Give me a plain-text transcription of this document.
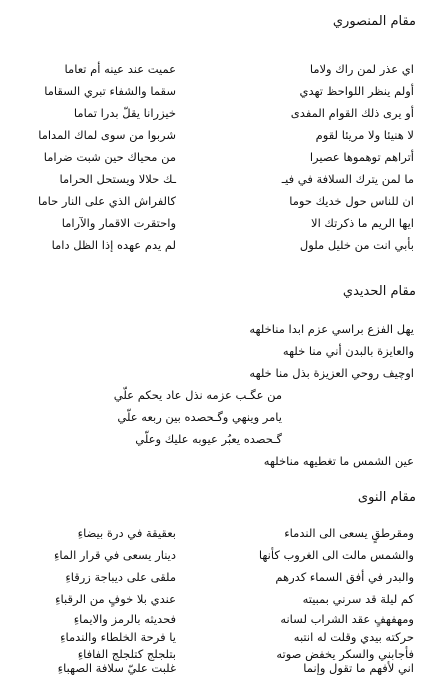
مقام المنصوري
اي عذر لمن راك ولاما
عميت عند عينه أم تعاما
أولم ينظر اللواحظ تهدي
سقما والشفاء تبري السقاما
أو يرى ذلك القوام المفدى
خيزرانا يقلّ بدرا تماما
لا هنيئا ولا مريئا لقوم
شربوا من سوى لماك المداما
أتراهم توهموها عصيرا
من محياك حين شبت ضراما
ما لمن يترك السلافة في فيـ
ـك حلالا ويستحل الحراما
ان للناس حول خديك حوما
كالفراش الذي على النار حاما
ايها الريم ما ذكرتك الا
واحتقرت الاقمار والآراما
بأبي انت من خليل ملول
لم يدم عهده إذا الظل داما
مقام الحديدي
يهل الفزع براسي عزم ابدا مناخلهه
والعايزة بالبدن أني منا خلهه
اوچيف روحي العزيزة بذل منا خلهه
من عگـب عزمه نذل عاد يحكم علّي
يامر وينهي وگـحصده بين ربعه علّي
گـحصده يعبُر عيوبه عليك وعلّي
عين الشمس ما تغطيهه مناخلهه
مقام النوى
ومقرطقٍ يسعى الى الندماء
بعقيقة في درة بيضاءِ
والشمس مالت الى الغروب كأنها
دينار يسعى في قرار الماءِ
والبدر في أفق السماء كدرهم
ملقى على ديباجة زرقاءِ
كم ليلة قد سرني بمبيته
عندي بلا خوفٍ من الرقباءِ
ومهفهفٍ عقد الشراب لسانه
فحديثه بالرمز والايماءِ
حركته بيدي وقلت له انتبه
يا فرحة الخلطاء والندماءِ
فأجابني والسكر يخفض صوته
بتلجلج كتلجلج الفافاءِ
اني لأفهم ما تقول وإنما
غلبت عليّ سلافة الصهباءِ
